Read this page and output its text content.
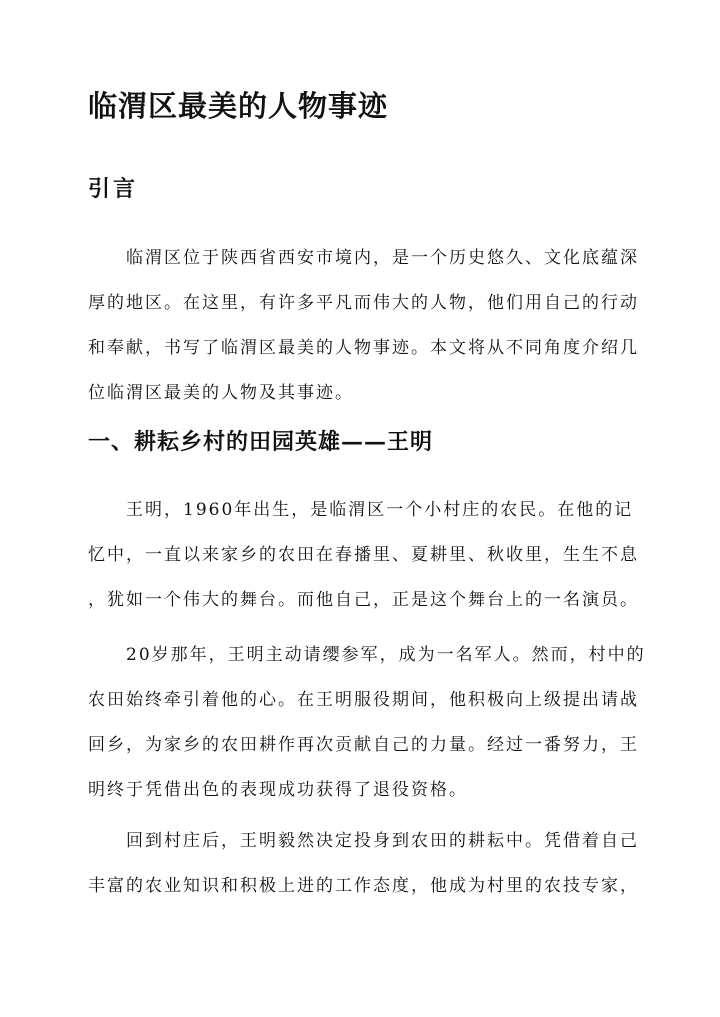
临渭区最美的人物事迹
引言

　　临渭区位于陕西省西安市境内，是一个历史悠久、文化底蕴深
厚的地区。在这里，有许多平凡而伟大的人物，他们用自己的行动
和奉献，书写了临渭区最美的人物事迹。本文将从不同角度介绍几
位临渭区最美的人物及其事迹。

一、耕耘乡村的田园英雄——王明

　　王明，1960年出生，是临渭区一个小村庄的农民。在他的记
忆中，一直以来家乡的农田在春播里、夏耕里、秋收里，生生不息
，犹如一个伟大的舞台。而他自己，正是这个舞台上的一名演员。

　　20岁那年，王明主动请缨参军，成为一名军人。然而，村中的
农田始终牵引着他的心。在王明服役期间，他积极向上级提出请战
回乡，为家乡的农田耕作再次贡献自己的力量。经过一番努力，王
明终于凭借出色的表现成功获得了退役资格。

　　回到村庄后，王明毅然决定投身到农田的耕耘中。凭借着自己
丰富的农业知识和积极上进的工作态度，他成为村里的农技专家，
